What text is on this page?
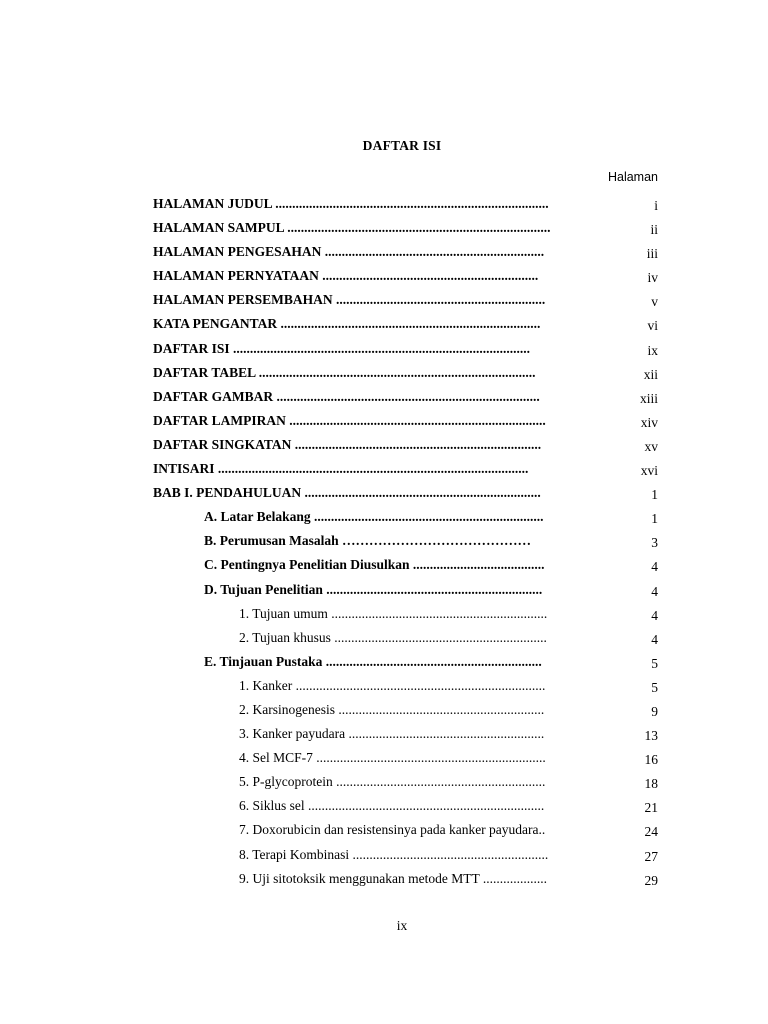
DAFTAR ISI
Halaman
HALAMAN JUDUL .................................................................................	i
HALAMAN SAMPUL ..............................................................................	ii
HALAMAN PENGESAHAN .................................................................	iii
HALAMAN PERNYATAAN ................................................................	iv
HALAMAN PERSEMBAHAN ..............................................................	v
KATA PENGANTAR .............................................................................	vi
DAFTAR ISI ........................................................................................	ix
DAFTAR TABEL ..................................................................................	xii
DAFTAR GAMBAR ..............................................................................	xiii
DAFTAR LAMPIRAN ............................................................................	xiv
DAFTAR SINGKATAN .........................................................................	xv
INTISARI ............................................................................................	xvi
BAB I. PENDAHULUAN ......................................................................	1
A. Latar Belakang ....................................................................	1
B. Perumusan Masalah ……………………………………	3
C. Pentingnya Penelitian Diusulkan .......................................	4
D. Tujuan Penelitian ................................................................	4
1. Tujuan umum ................................................................	4
2. Tujuan khusus ...............................................................	4
E. Tinjauan Pustaka ................................................................	5
1. Kanker ..........................................................................	5
2. Karsinogenesis .............................................................	9
3. Kanker payudara ..........................................................	13
4. Sel MCF-7 ....................................................................	16
5. P-glycoprotein ..............................................................	18
6. Siklus sel ......................................................................	21
7. Doxorubicin dan resistensinya pada kanker payudara..	24
8. Terapi Kombinasi ..........................................................	27
9. Uji sitotoksik menggunakan metode MTT ...................	29
ix
